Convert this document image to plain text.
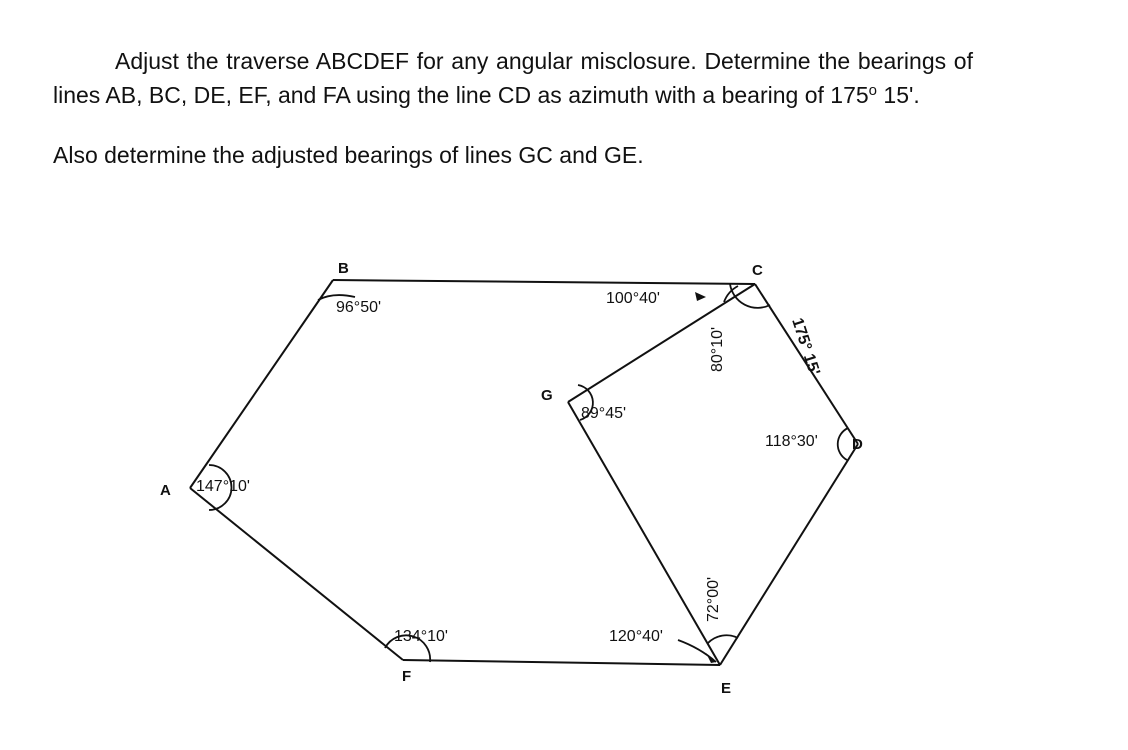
Adjust the traverse ABCDEF for any angular misclosure. Determine the bearings of lines AB, BC, DE, EF, and FA using the line CD as azimuth with a bearing of 175$^o$ 15'.

Also determine the adjusted bearings of lines GC and GE.

A
B	C
D
E
F
G
147°10'
96°50'
100°40'
118°30'
134°10'	120°40'
89°45'
80°10'
72°00'
175° 15'
